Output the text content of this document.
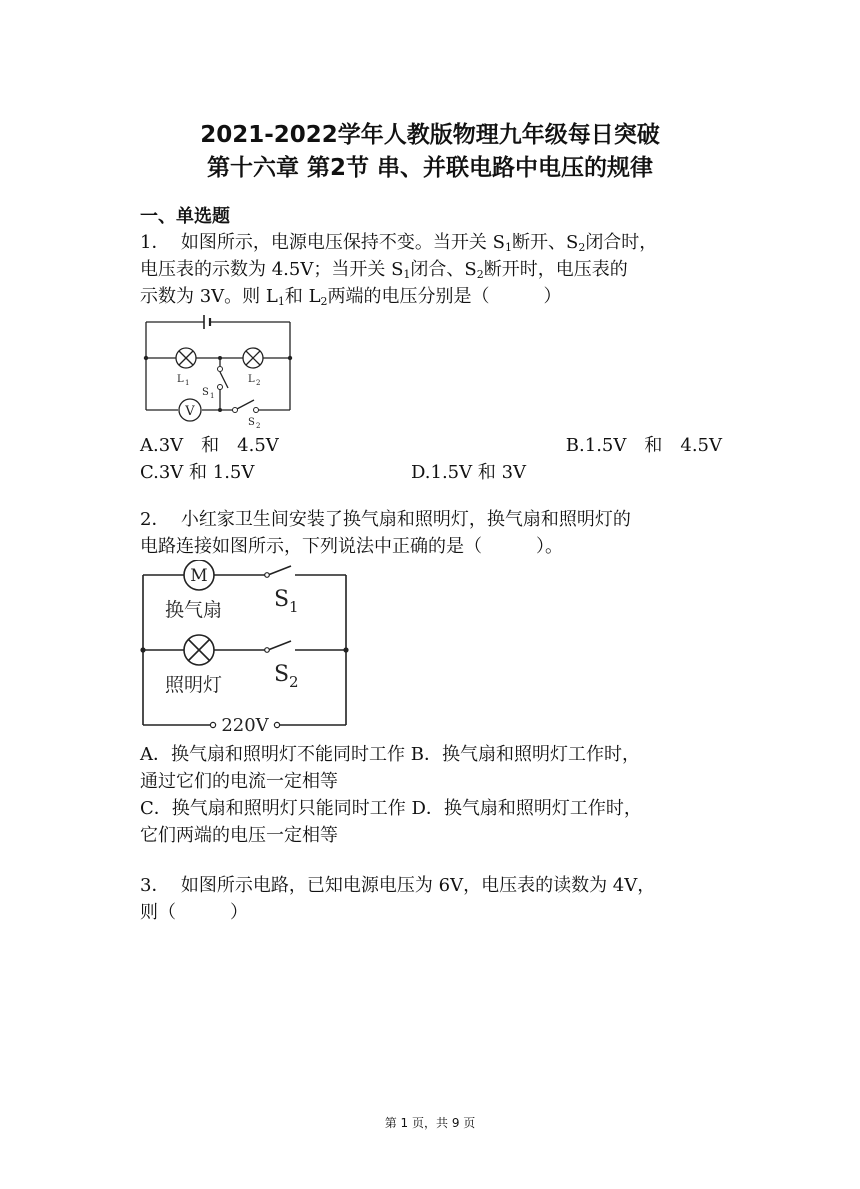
2021-2022学年人教版物理九年级每日突破
第十六章 第2节 串、并联电路中电压的规律
一、单选题
1． 如图所示，电源电压保持不变。当开关 $S_1$断开、$S_2$闭合时，
电压表的示数为 4.5V；当开关 $S_1$闭合、$S_2$断开时，电压表的
示数为 3V。则 $L_1$和 $L_2$两端的电压分别是（　　　）
V
L 1	L 2
S 1
S 2
A.3V　和　4.5V	B.1.5V　和　4.5V
C.3V 和 1.5V	D.1.5V 和 3V
2． 小红家卫生间安装了换气扇和照明灯，换气扇和照明灯的
电路连接如图所示，下列说法中正确的是（　　　）。
M
换气扇
照明灯
S 1
S 2
220V
A．换气扇和照明灯不能同时工作 B．换气扇和照明灯工作时，
通过它们的电流一定相等
C．换气扇和照明灯只能同时工作 D．换气扇和照明灯工作时，
它们两端的电压一定相等
3． 如图所示电路，已知电源电压为 6V，电压表的读数为 4V，
则（　　　）
第 1 页，共 9 页
